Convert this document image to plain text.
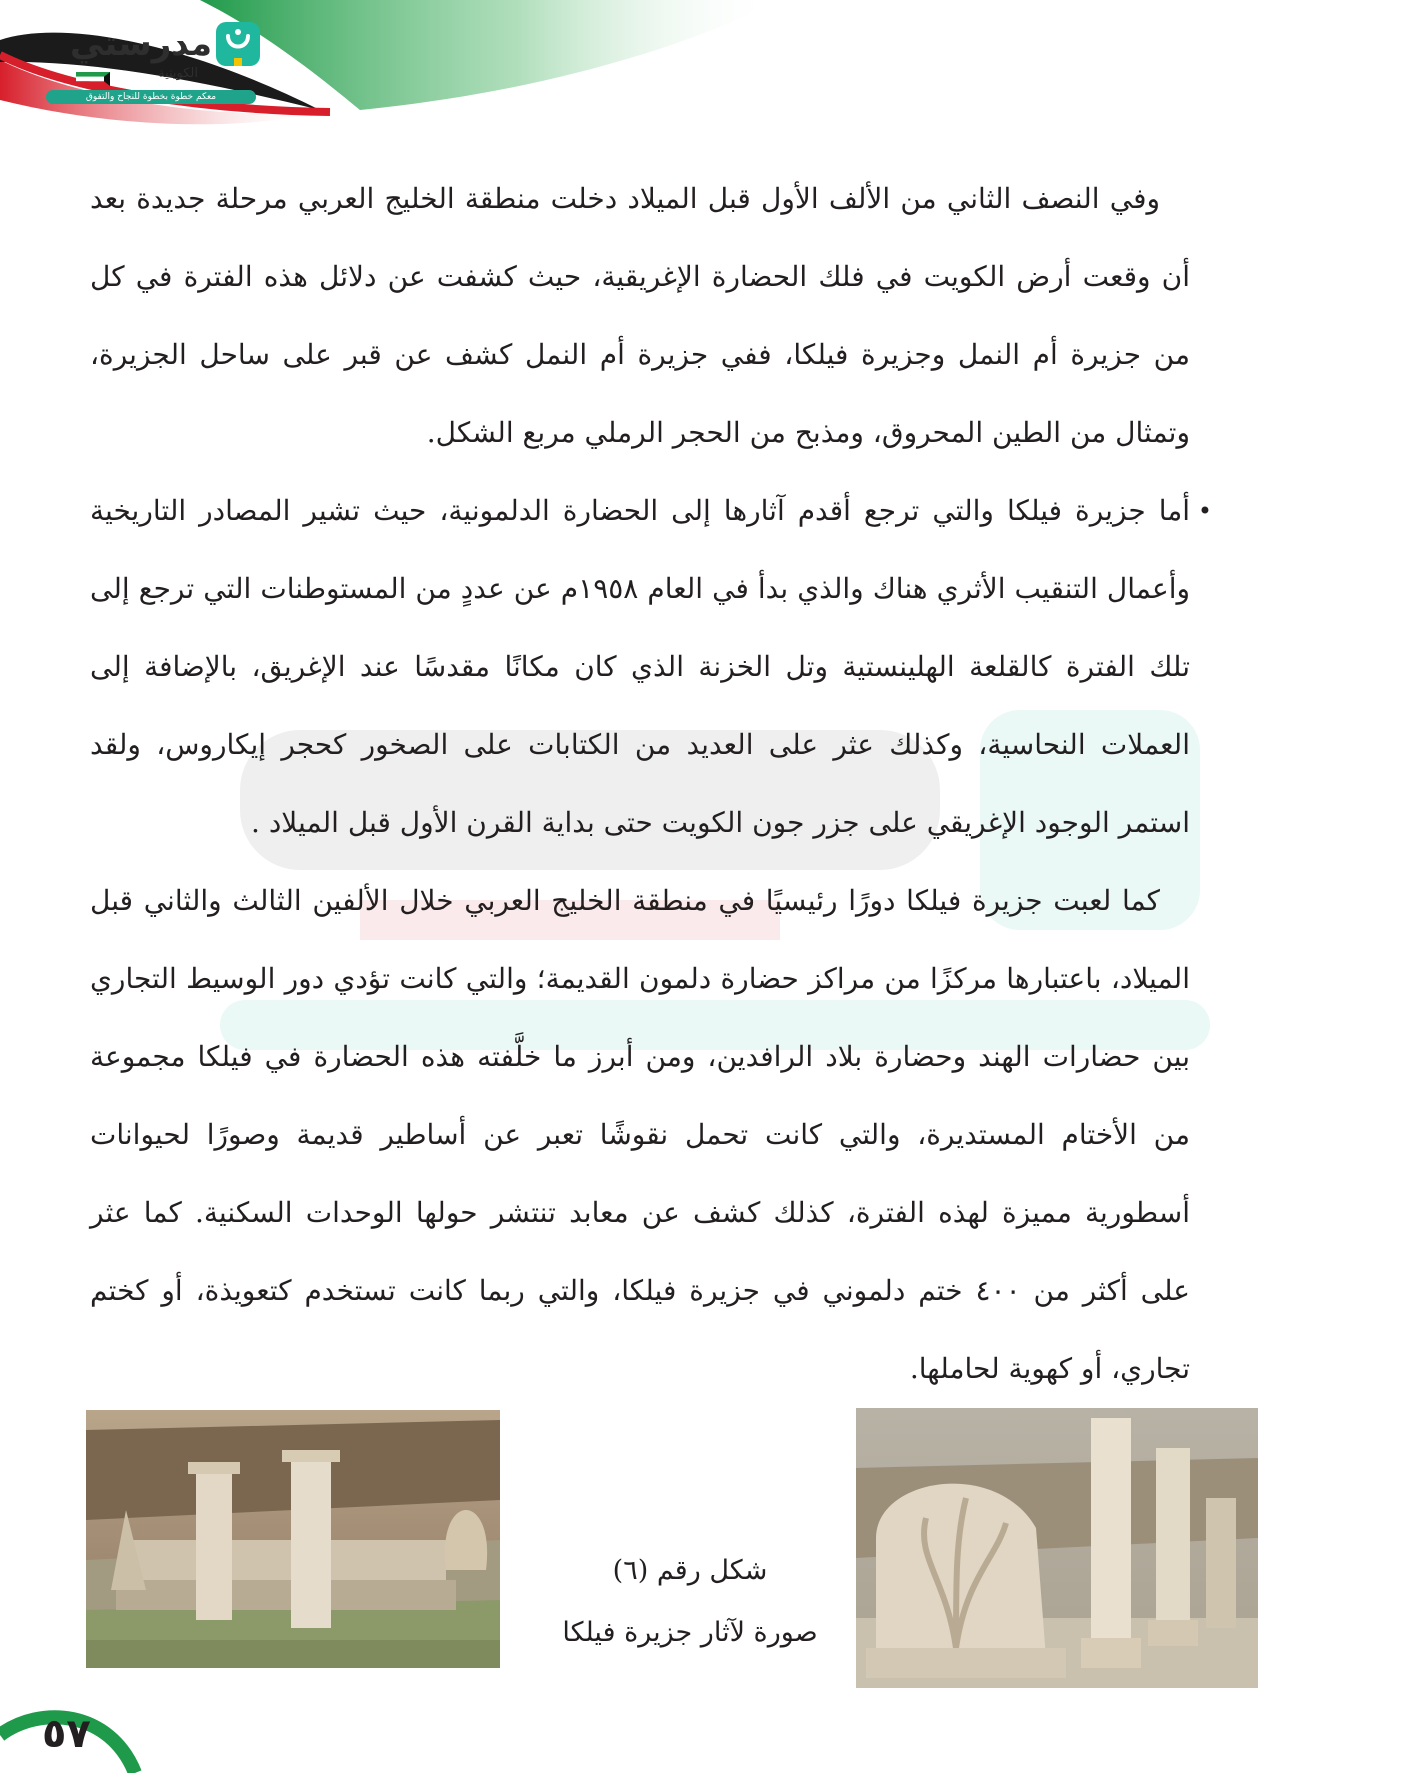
مدرستي
الكويتية
معكم خطوة بخطوة للنجاح والتفوق

وفي النصف الثاني من الألف الأول قبل الميلاد دخلت منطقة الخليج العربي مرحلة جديدة بعد أن وقعت أرض الكويت في فلك الحضارة الإغريقية، حيث كشفت عن دلائل هذه الفترة في كل من جزيرة أم النمل وجزيرة فيلكا، ففي جزيرة أم النمل كشف عن قبر على ساحل الجزيرة، وتمثال من الطين المحروق، ومذبح من الحجر الرملي مربع الشكل.

•

أما جزيرة فيلكا والتي ترجع أقدم آثارها إلى الحضارة الدلمونية، حيث تشير المصادر التاريخية وأعمال التنقيب الأثري هناك والذي بدأ في العام ١٩٥٨م عن عددٍ من المستوطنات التي ترجع إلى تلك الفترة كالقلعة الهلينستية وتل الخزنة الذي كان مكانًا مقدسًا عند الإغريق، بالإضافة إلى العملات النحاسية، وكذلك عثر على العديد من الكتابات على الصخور كحجر إيكاروس، ولقد استمر الوجود الإغريقي على جزر جون الكويت حتى بداية القرن الأول قبل الميلاد .

كما لعبت جزيرة فيلكا دورًا رئيسيًا في منطقة الخليج العربي خلال الألفين الثالث والثاني قبل الميلاد، باعتبارها مركزًا من مراكز حضارة دلمون القديمة؛ والتي كانت تؤدي دور الوسيط التجاري بين حضارات الهند وحضارة بلاد الرافدين، ومن أبرز ما خلَّفته هذه الحضارة في فيلكا مجموعة من الأختام المستديرة، والتي كانت تحمل نقوشًا تعبر عن أساطير قديمة وصورًا لحيوانات أسطورية مميزة لهذه الفترة، كذلك كشف عن معابد تنتشر حولها الوحدات السكنية. كما عثر على أكثر من ٤٠٠ ختم دلموني في جزيرة فيلكا، والتي ربما كانت تستخدم كتعويذة، أو كختم تجاري، أو كهوية لحاملها.

شكل رقم (٦)
صورة لآثار جزيرة فيلكا
٥٧
